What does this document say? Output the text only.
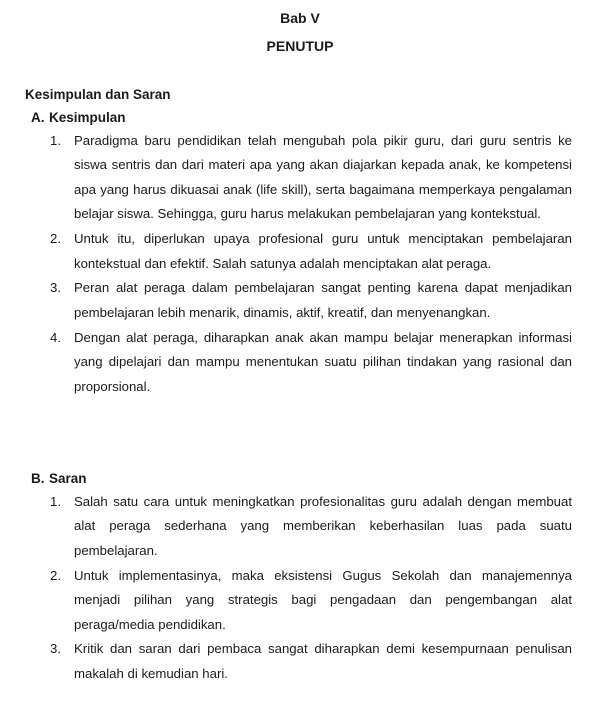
Bab V
PENUTUP
Kesimpulan dan Saran
A. Kesimpulan
1. Paradigma baru pendidikan telah mengubah pola pikir guru, dari guru sentris ke siswa sentris dan dari materi apa yang akan diajarkan kepada anak, ke kompetensi apa yang harus dikuasai anak (life skill), serta bagaimana memperkaya pengalaman belajar siswa. Sehingga, guru harus melakukan pembelajaran yang kontekstual.
2. Untuk itu, diperlukan upaya profesional guru untuk menciptakan pembelajaran kontekstual dan efektif. Salah satunya adalah menciptakan alat peraga.
3. Peran alat peraga dalam pembelajaran sangat penting karena dapat menjadikan pembelajaran lebih menarik, dinamis, aktif, kreatif, dan menyenangkan.
4. Dengan alat peraga, diharapkan anak akan mampu belajar menerapkan informasi yang dipelajari dan mampu menentukan suatu pilihan tindakan yang rasional dan proporsional.
B. Saran
1. Salah satu cara untuk meningkatkan profesionalitas guru adalah dengan membuat alat peraga sederhana yang memberikan keberhasilan luas pada suatu pembelajaran.
2. Untuk implementasinya, maka eksistensi Gugus Sekolah dan manajemennya menjadi pilihan yang strategis bagi pengadaan dan pengembangan alat peraga/media pendidikan.
3. Kritik dan saran dari pembaca sangat diharapkan demi kesempurnaan penulisan makalah di kemudian hari.
